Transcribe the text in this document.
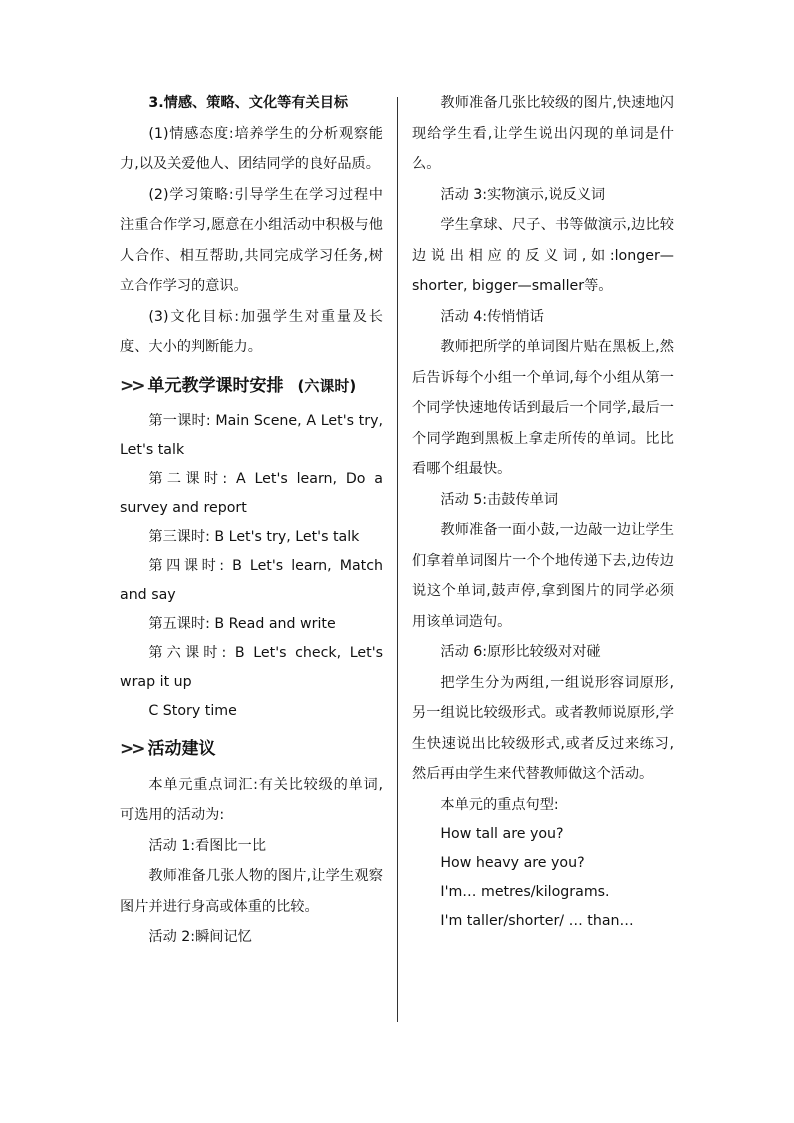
3.情感、策略、文化等有关目标

(1)情感态度:培养学生的分析观察能力,以及关爱他人、团结同学的良好品质。

(2)学习策略:引导学生在学习过程中注重合作学习,愿意在小组活动中积极与他人合作、相互帮助,共同完成学习任务,树立合作学习的意识。

(3)文化目标:加强学生对重量及长度、大小的判断能力。

>> 单元教学课时安排 (六课时)

第一课时: Main Scene, A Let's try, Let's talk

第二课时: A Let's learn, Do a survey and report

第三课时: B Let's try, Let's talk

第四课时: B Let's learn, Match and say

第五课时: B Read and write

第六课时: B Let's check, Let's wrap it up

C Story time

>> 活动建议

本单元重点词汇:有关比较级的单词,可选用的活动为:

活动 1:看图比一比

教师准备几张人物的图片,让学生观察图片并进行身高或体重的比较。

活动 2:瞬间记忆

教师准备几张比较级的图片,快速地闪现给学生看,让学生说出闪现的单词是什么。

活动 3:实物演示,说反义词

学生拿球、尺子、书等做演示,边比较边说出相应的反义词,如:longer—shorter, bigger—smaller等。

活动 4:传悄悄话

教师把所学的单词图片贴在黑板上,然后告诉每个小组一个单词,每个小组从第一个同学快速地传话到最后一个同学,最后一个同学跑到黑板上拿走所传的单词。比比看哪个组最快。

活动 5:击鼓传单词

教师准备一面小鼓,一边敲一边让学生们拿着单词图片一个个地传递下去,边传边说这个单词,鼓声停,拿到图片的同学必须用该单词造句。

活动 6:原形比较级对对碰

把学生分为两组,一组说形容词原形,另一组说比较级形式。或者教师说原形,学生快速说出比较级形式,或者反过来练习,然后再由学生来代替教师做这个活动。

本单元的重点句型:

How tall are you?

How heavy are you?

I'm… metres/kilograms.

I'm taller/shorter/ … than…
